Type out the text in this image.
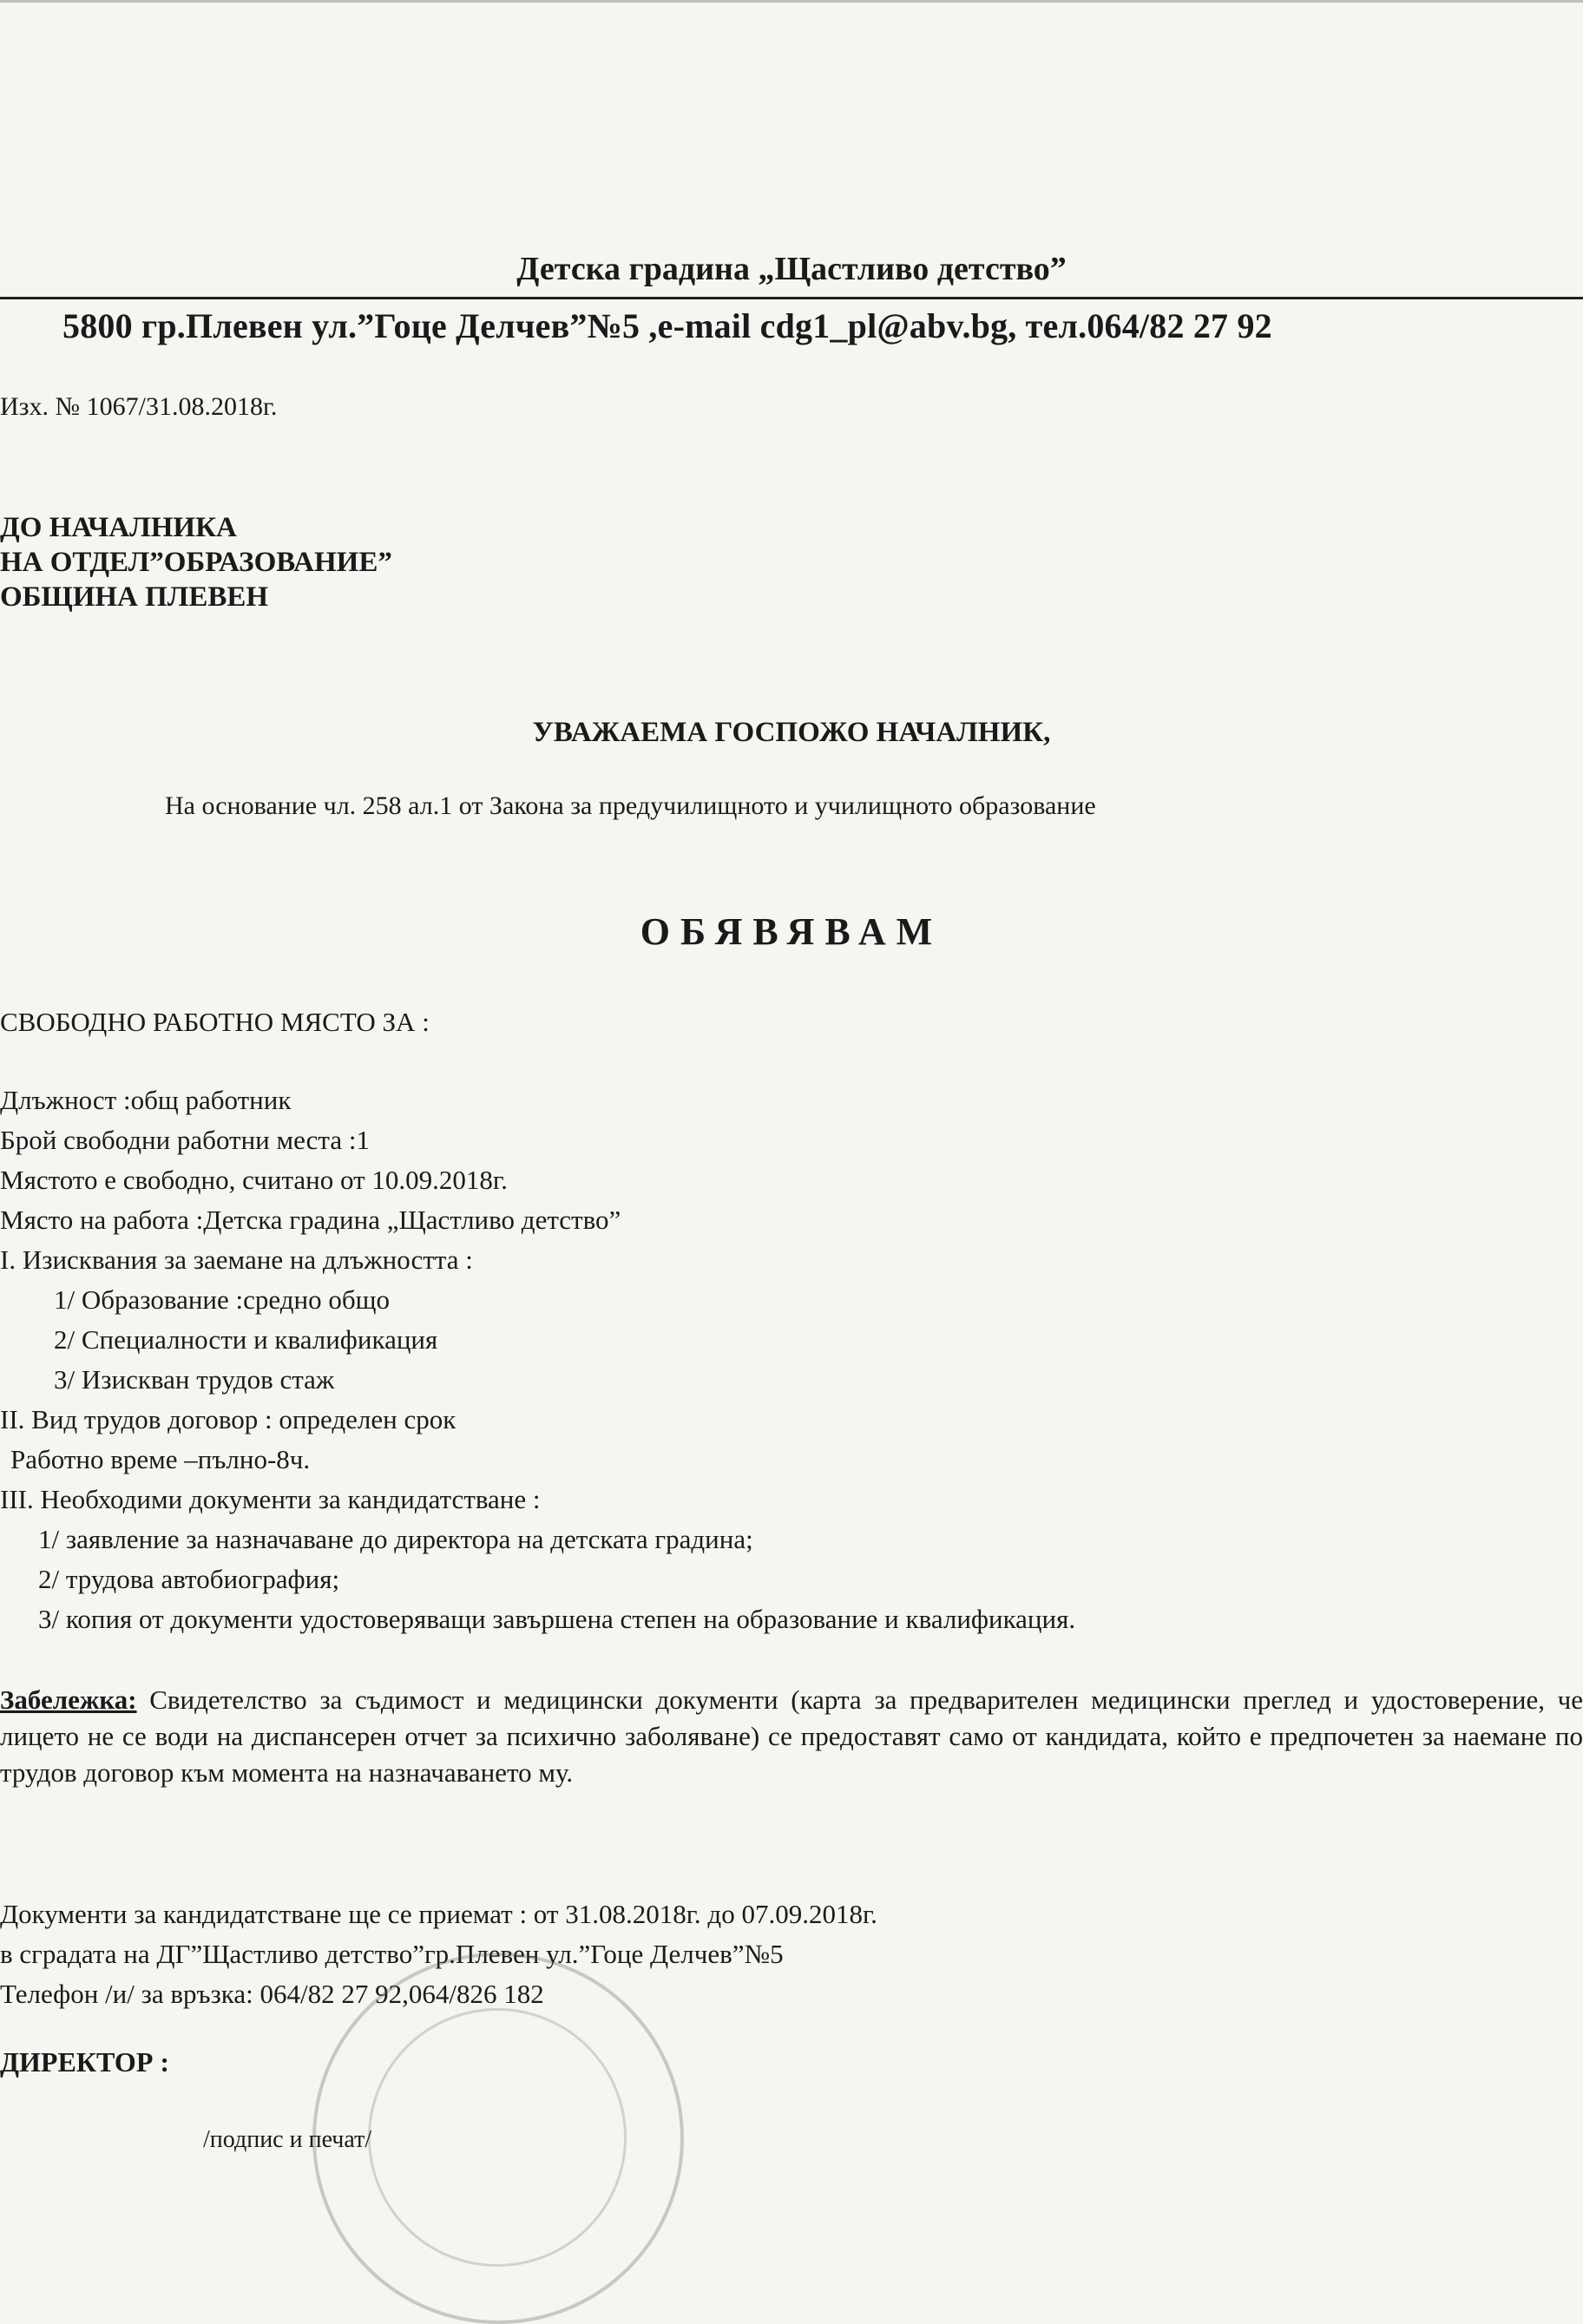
Детска градина „Щастливо детство”
5800 гр.Плевен ул.”Гоце Делчев”№5 ,e-mail cdg1_pl@abv.bg, тел.064/82 27 92
Изх. № 1067/31.08.2018г.
ДО НАЧАЛНИКА
НА ОТДЕЛ”ОБРАЗОВАНИЕ”
ОБЩИНА ПЛЕВЕН
УВАЖАЕМА ГОСПОЖО НАЧАЛНИК,
На основание чл. 258 ал.1 от Закона за предучилищното и училищното образование
ОБЯВЯВАМ
СВОБОДНО РАБОТНО МЯСТО ЗА :
Длъжност :общ работник
Брой свободни работни места :1
Мястото е свободно, считано от 10.09.2018г.
Място на работа :Детска градина „Щастливо детство”
I. Изисквания за заемане на длъжността :
1/ Образование :средно общо
2/ Специалности и квалификация
3/ Изискван трудов стаж
II. Вид трудов договор : определен срок
Работно време –пълно-8ч.
III. Необходими документи за кандидатстване :
1/ заявление за назначаване до директора на детската градина;
2/ трудова автобиография;
3/ копия от документи удостоверяващи завършена степен на образование и квалификация.
Забележка: Свидетелство за съдимост и медицински документи (карта за предварителен медицински преглед и удостоверение, че лицето не се води на диспансерен отчет за психично заболяване) се предоставят само от кандидата, който е предпочетен за наемане по трудов договор към момента на назначаването му.
Документи за кандидатстване ще се приемат : от 31.08.2018г. до 07.09.2018г.
в сградата на ДГ”Щастливо детство”гр.Плевен ул.”Гоце Делчев”№5
Телефон /и/ за връзка: 064/82 27 92,064/826 182
ДИРЕКТОР :
/подпис и печат/
